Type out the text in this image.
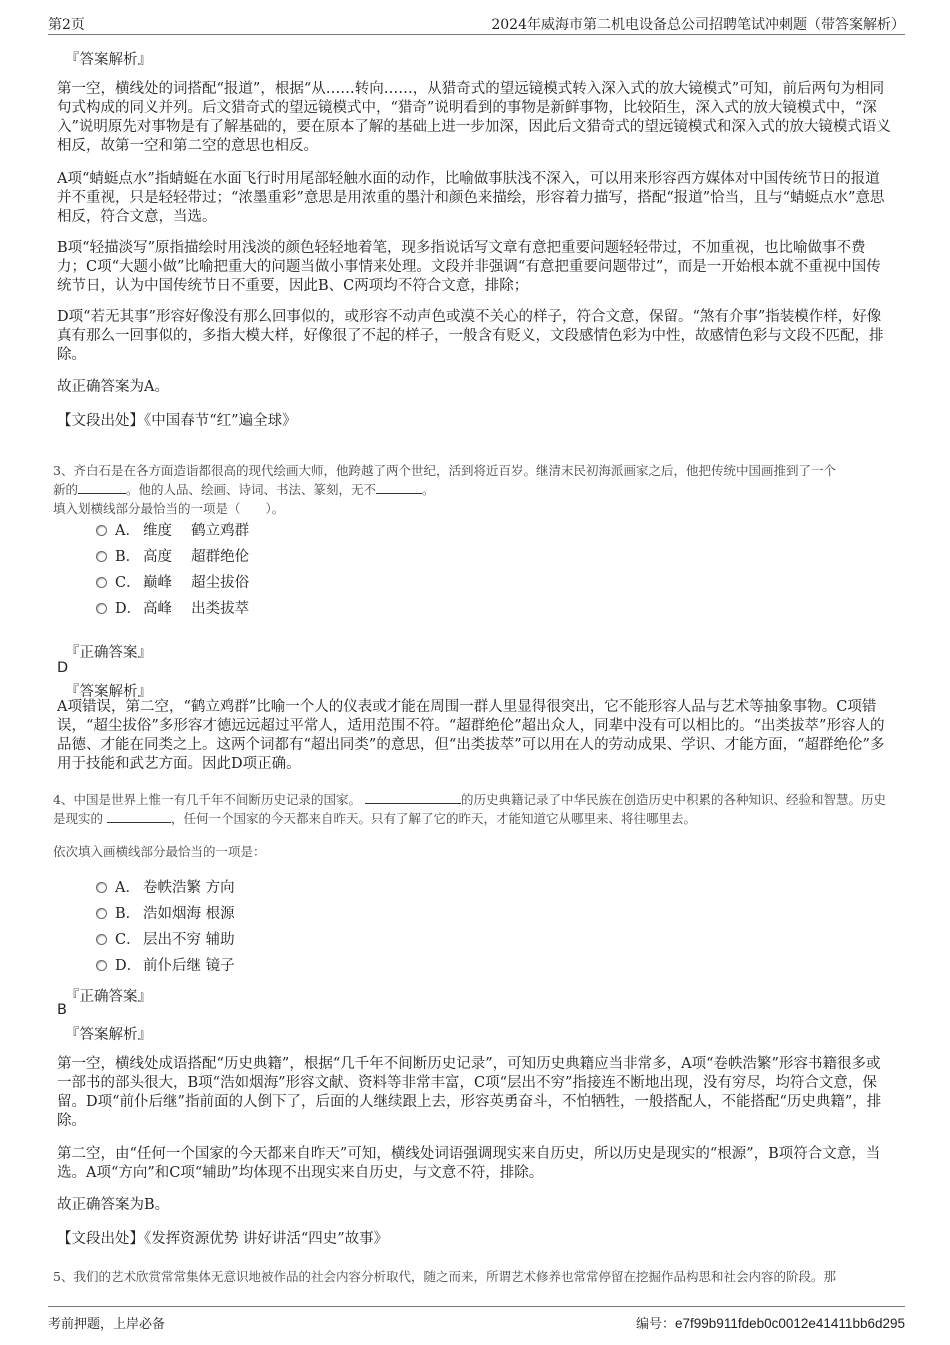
第2页	2024年威海市第二机电设备总公司招聘笔试冲刺题（带答案解析）
『答案解析』
第一空，横线处的词搭配“报道”，根据“从……转向……，从猎奇式的望远镜模式转入深入式的放大镜模式”可知，前后两句为相同句式构成的同义并列。后文猎奇式的望远镜模式中，“猎奇”说明看到的事物是新鲜事物，比较陌生，深入式的放大镜模式中，“深入”说明原先对事物是有了解基础的，要在原本了解的基础上进一步加深，因此后文猎奇式的望远镜模式和深入式的放大镜模式语义相反，故第一空和第二空的意思也相反。
A项“蜻蜓点水”指蜻蜓在水面飞行时用尾部轻触水面的动作，比喻做事肤浅不深入，可以用来形容西方媒体对中国传统节日的报道并不重视，只是轻轻带过；“浓墨重彩”意思是用浓重的墨汁和颜色来描绘，形容着力描写，搭配“报道”恰当，且与“蜻蜓点水”意思相反，符合文意，当选。
B项“轻描淡写”原指描绘时用浅淡的颜色轻轻地着笔，现多指说话写文章有意把重要问题轻轻带过，不加重视，也比喻做事不费力；C项“大题小做”比喻把重大的问题当做小事情来处理。文段并非强调“有意把重要问题带过”，而是一开始根本就不重视中国传统节日，认为中国传统节日不重要，因此B、C两项均不符合文意，排除；
D项“若无其事”形容好像没有那么回事似的，或形容不动声色或漠不关心的样子，符合文意，保留。“煞有介事”指装模作样，好像真有那么一回事似的，多指大模大样，好像很了不起的样子，一般含有贬义，文段感情色彩为中性，故感情色彩与文段不匹配，排除。
故正确答案为A。
【文段出处】《中国春节“红”遍全球》
3、齐白石是在各方面造诣都很高的现代绘画大师，他跨越了两个世纪，活到将近百岁。继清末民初海派画家之后，他把传统中国画推到了一个
新的	。他的人品、绘画、诗词、书法、篆刻，无不	。
填入划横线部分最恰当的一项是（　　）。
A． 维度　 鹤立鸡群
B． 高度　 超群绝伦
C． 巅峰　 超尘拔俗
D． 高峰　 出类拔萃
『正确答案』
D
『答案解析』
A项错误，第二空，“鹤立鸡群”比喻一个人的仪表或才能在周围一群人里显得很突出，它不能形容人品与艺术等抽象事物。C项错误，“超尘拔俗”多形容才德远远超过平常人，适用范围不符。“超群绝伦”超出众人，同辈中没有可以相比的。“出类拔萃”形容人的品德、才能在同类之上。这两个词都有“超出同类”的意思，但“出类拔萃”可以用在人的劳动成果、学识、才能方面，“超群绝伦”多用于技能和武艺方面。因此D项正确。
4、中国是世界上惟一有几千年不间断历史记录的国家。	的历史典籍记录了中华民族在创造历史中积累的各种知识、经验和智慧。历史是现实的	，任何一个国家的今天都来自昨天。只有了解了它的昨天，才能知道它从哪里来、将往哪里去。
依次填入画横线部分最恰当的一项是：
A． 卷帙浩繁 方向
B． 浩如烟海 根源
C． 层出不穷 辅助
D． 前仆后继 镜子
『正确答案』
B
『答案解析』
第一空，横线处成语搭配“历史典籍”，根据“几千年不间断历史记录”，可知历史典籍应当非常多，A项“卷帙浩繁”形容书籍很多或一部书的部头很大，B项“浩如烟海”形容文献、资料等非常丰富，C项“层出不穷”指接连不断地出现，没有穷尽，均符合文意，保留。D项“前仆后继”指前面的人倒下了，后面的人继续跟上去，形容英勇奋斗，不怕牺牲，一般搭配人，不能搭配“历史典籍”，排除。
第二空，由“任何一个国家的今天都来自昨天”可知，横线处词语强调现实来自历史，所以历史是现实的“根源”，B项符合文意，当选。A项“方向”和C项“辅助”均体现不出现实来自历史，与文意不符，排除。
故正确答案为B。
【文段出处】《发挥资源优势 讲好讲活“四史”故事》
5、我们的艺术欣赏常常集体无意识地被作品的社会内容分析取代，随之而来，所谓艺术修养也常常停留在挖掘作品构思和社会内容的阶段。那
考前押题，上岸必备	编号：e7f99b911fdeb0c0012e41411bb6d295
